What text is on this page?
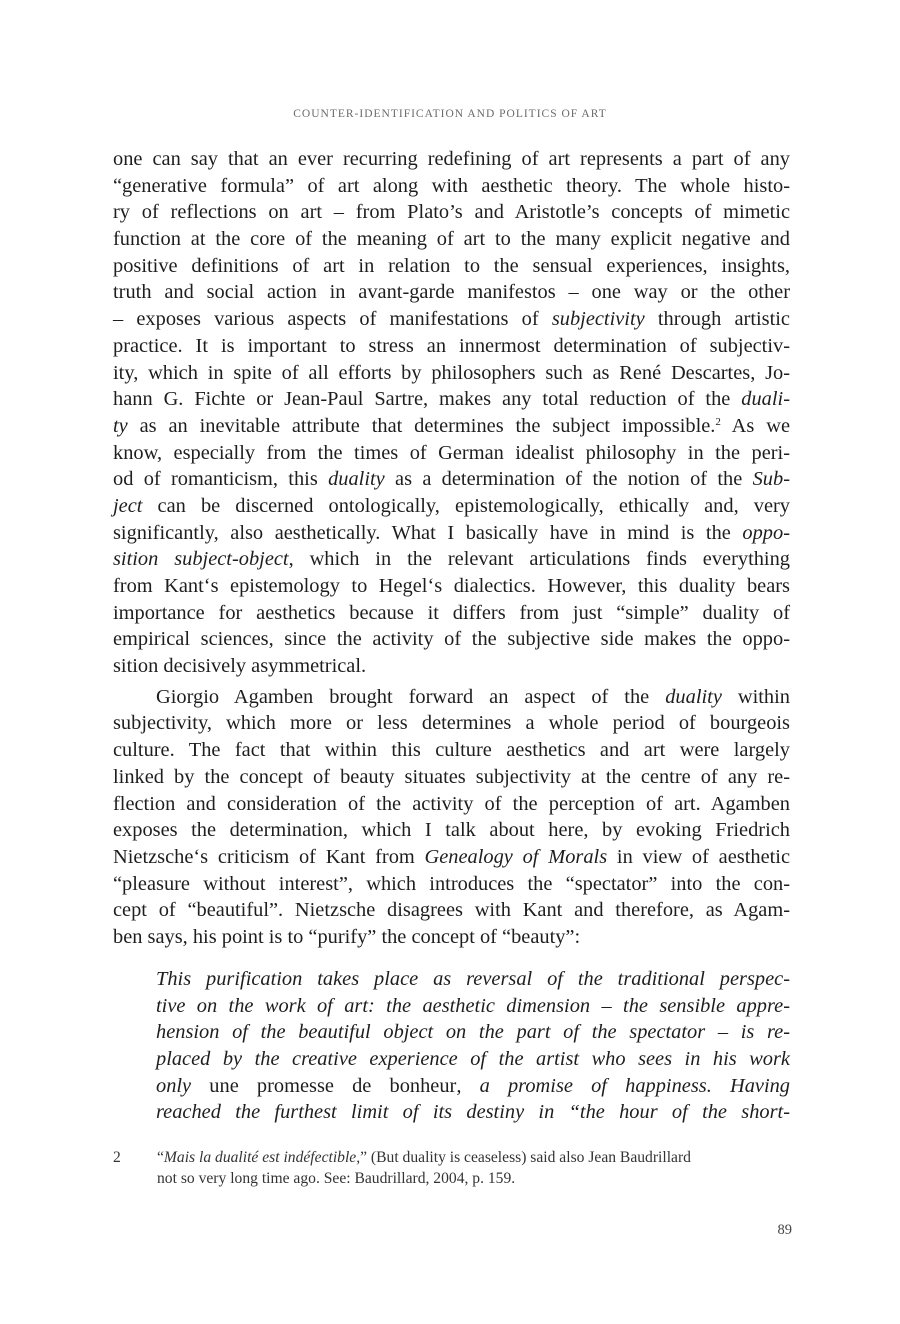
COUNTER-IDENTIFICATION AND POLITICS OF ART
one can say that an ever recurring redefining of art represents a part of any
“generative formula” of art along with aesthetic theory. The whole histo-
ry of reflections on art – from Plato’s and Aristotle’s concepts of mimetic
function at the core of the meaning of art to the many explicit negative and
positive definitions of art in relation to the sensual experiences, insights,
truth and social action in avant-garde manifestos – one way or the other
– exposes various aspects of manifestations of subjectivity through artistic
practice. It is important to stress an innermost determination of subjectiv-
ity, which in spite of all efforts by philosophers such as René Descartes, Jo-
hann G. Fichte or Jean-Paul Sartre, makes any total reduction of the duali-
ty as an inevitable attribute that determines the subject impossible.$^2$ As we
know, especially from the times of German idealist philosophy in the peri-
od of romanticism, this duality as a determination of the notion of the Sub-
ject can be discerned ontologically, epistemologically, ethically and, very
significantly, also aesthetically. What I basically have in mind is the oppo-
sition subject-object, which in the relevant articulations finds everything
from Kant‘s epistemology to Hegel‘s dialectics. However, this duality bears
importance for aesthetics because it differs from just “simple” duality of
empirical sciences, since the activity of the subjective side makes the oppo-
sition decisively asymmetrical.
Giorgio Agamben brought forward an aspect of the duality within
subjectivity, which more or less determines a whole period of bourgeois
culture. The fact that within this culture aesthetics and art were largely
linked by the concept of beauty situates subjectivity at the centre of any re-
flection and consideration of the activity of the perception of art. Agamben
exposes the determination, which I talk about here, by evoking Friedrich
Nietzsche‘s criticism of Kant from Genealogy of Morals in view of aesthetic
“pleasure without interest”, which introduces the “spectator” into the con-
cept of “beautiful”. Nietzsche disagrees with Kant and therefore, as Agam-
ben says, his point is to “purify” the concept of “beauty”:
This purification takes place as reversal of the traditional perspec-
tive on the work of art: the aesthetic dimension – the sensible appre-
hension of the beautiful object on the part of the spectator – is re-
placed by the creative experience of the artist who sees in his work
only une promesse de bonheur, a promise of happiness. Having
reached the furthest limit of its destiny in “the hour of the short-
2 “Mais la dualité est indéfectible,” (But duality is ceaseless) said also Jean Baudrillard
not so very long time ago. See: Baudrillard, 2004, p. 159.
89
